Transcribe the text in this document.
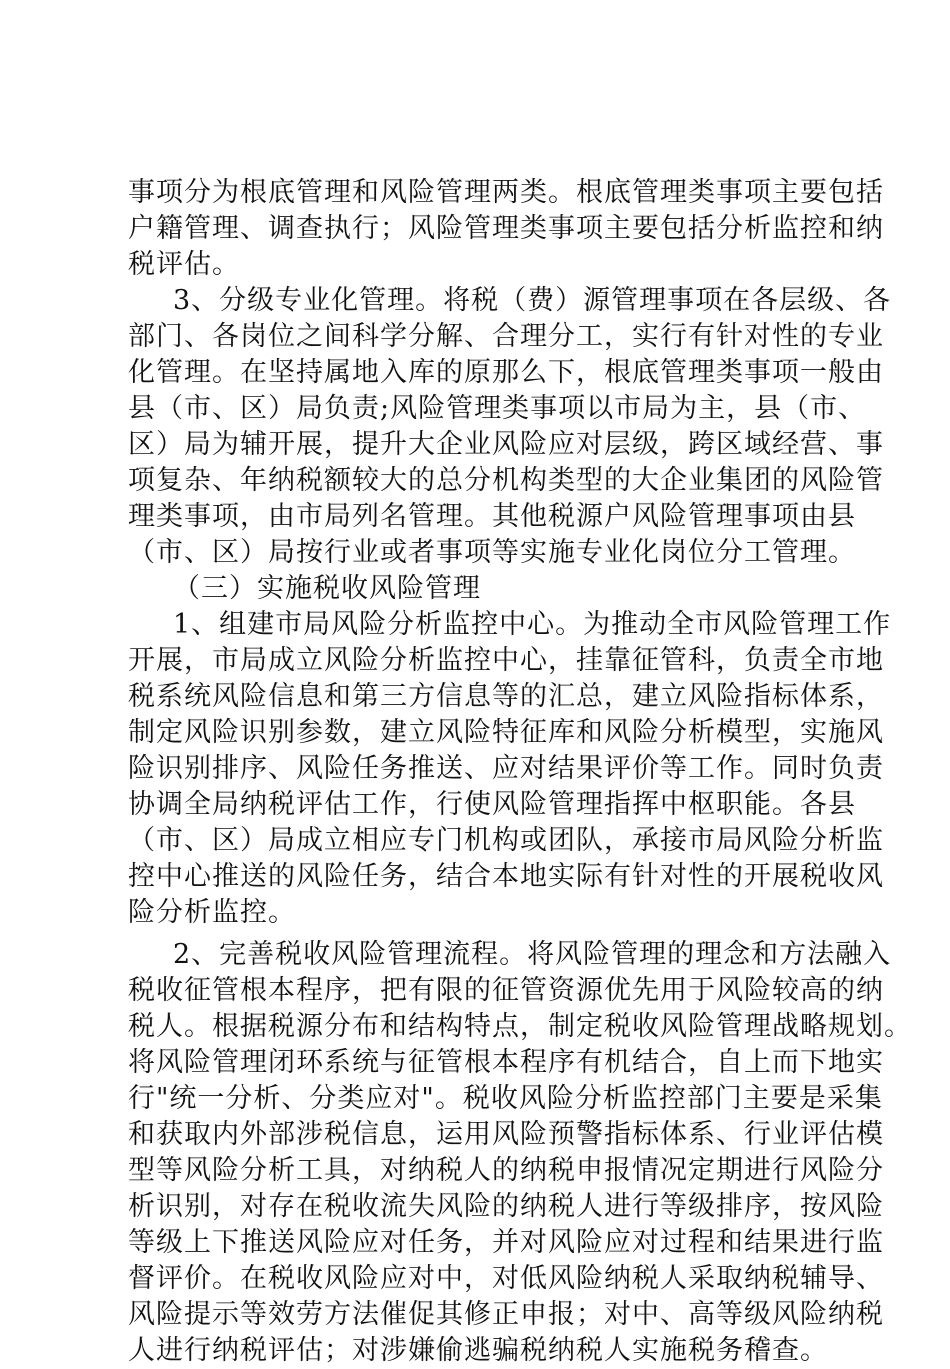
事项分为根底管理和风险管理两类。根底管理类事项主要包括
户籍管理、调查执行；风险管理类事项主要包括分析监控和纳
税评估。
3、分级专业化管理。将税（费）源管理事项在各层级、各
部门、各岗位之间科学分解、合理分工，实行有针对性的专业
化管理。在坚持属地入库的原那么下，根底管理类事项一般由
县（市、区）局负责;风险管理类事项以市局为主，县（市、
区）局为辅开展，提升大企业风险应对层级，跨区域经营、事
项复杂、年纳税额较大的总分机构类型的大企业集团的风险管
理类事项，由市局列名管理。其他税源户风险管理事项由县
（市、区）局按行业或者事项等实施专业化岗位分工管理。
（三）实施税收风险管理
1、组建市局风险分析监控中心。为推动全市风险管理工作
开展，市局成立风险分析监控中心，挂靠征管科，负责全市地
税系统风险信息和第三方信息等的汇总，建立风险指标体系，
制定风险识别参数，建立风险特征库和风险分析模型，实施风
险识别排序、风险任务推送、应对结果评价等工作。同时负责
协调全局纳税评估工作，行使风险管理指挥中枢职能。各县
（市、区）局成立相应专门机构或团队，承接市局风险分析监
控中心推送的风险任务，结合本地实际有针对性的开展税收风
险分析监控。
2、完善税收风险管理流程。将风险管理的理念和方法融入
税收征管根本程序，把有限的征管资源优先用于风险较高的纳
税人。根据税源分布和结构特点，制定税收风险管理战略规划。
将风险管理闭环系统与征管根本程序有机结合，自上而下地实
行"统一分析、分类应对"。税收风险分析监控部门主要是采集
和获取内外部涉税信息，运用风险预警指标体系、行业评估模
型等风险分析工具，对纳税人的纳税申报情况定期进行风险分
析识别，对存在税收流失风险的纳税人进行等级排序，按风险
等级上下推送风险应对任务，并对风险应对过程和结果进行监
督评价。在税收风险应对中，对低风险纳税人采取纳税辅导、
风险提示等效劳方法催促其修正申报；对中、高等级风险纳税
人进行纳税评估；对涉嫌偷逃骗税纳税人实施税务稽查。
